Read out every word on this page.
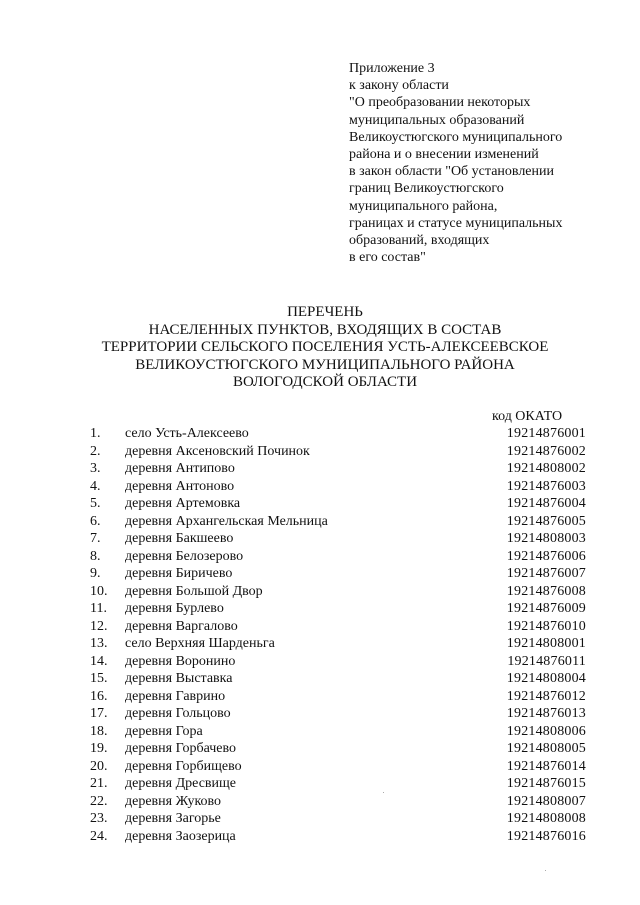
Приложение 3
к закону области
"О преобразовании некоторых
муниципальных образований
Великоустюгского муниципального
района и о внесении изменений
в закон области "Об установлении
границ Великоустюгского
муниципального района,
границах и статусе муниципальных
образований, входящих
в его состав"
ПЕРЕЧЕНЬ
НАСЕЛЕННЫХ ПУНКТОВ, ВХОДЯЩИХ В СОСТАВ
ТЕРРИТОРИИ СЕЛЬСКОГО ПОСЕЛЕНИЯ УСТЬ-АЛЕКСЕЕВСКОЕ
ВЕЛИКОУСТЮГСКОГО МУНИЦИПАЛЬНОГО РАЙОНА
ВОЛОГОДСКОЙ ОБЛАСТИ
код ОКАТО
1. село Усть-Алексеево	19214876001
2. деревня Аксеновский Починок	19214876002
3. деревня Антипово	19214808002
4. деревня Антоново	19214876003
5. деревня Артемовка	19214876004
6. деревня Архангельская Мельница	19214876005
7. деревня Бакшеево	19214808003
8. деревня Белозерово	19214876006
9. деревня Биричево	19214876007
10. деревня Большой Двор	19214876008
11. деревня Бурлево	19214876009
12. деревня Варгалово	19214876010
13. село Верхняя Шарденьга	19214808001
14. деревня Воронино	19214876011
15. деревня Выставка	19214808004
16. деревня Гаврино	19214876012
17. деревня Гольцово	19214876013
18. деревня Гора	19214808006
19. деревня Горбачево	19214808005
20. деревня Горбищево	19214876014
21. деревня Дресвище	19214876015
22. деревня Жуково	19214808007
23. деревня Загорье	19214808008
24. деревня Заозерица	19214876016
